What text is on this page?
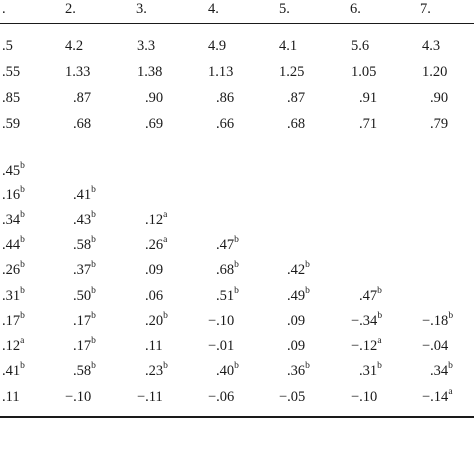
.	2.	3.	4.	5.	6.	7.
.5	4.2	3.3	4.9	4.1	5.6	4.3
.55	1.33	1.38	1.13	1.25	1.05	1.20
.85	.87	.90	.86	.87	.91	.90
.59	.68	.69	.66	.68	.71	.79
.45$^b$
.16$^b$	.41$^b$
.34$^b$	.43$^b$	.12$^a$
.44$^b$	.58$^b$	.26$^a$	.47$^b$
.26$^b$	.37$^b$	.09	.68$^b$	.42$^b$
.31$^b$	.50$^b$	.06	.51$^b$	.49$^b$	.47$^b$
.17$^b$	.17$^b$	.20$^b$	−.10	.09	−.34$^b$	−.18$^b$
.12$^a$	.17$^b$	.11	−.01	.09	−.12$^a$	−.04
.41$^b$	.58$^b$	.23$^b$	.40$^b$	.36$^b$	.31$^b$	.34$^b$
.11	−.10	−.11	−.06	−.05	−.10	−.14$^a$
